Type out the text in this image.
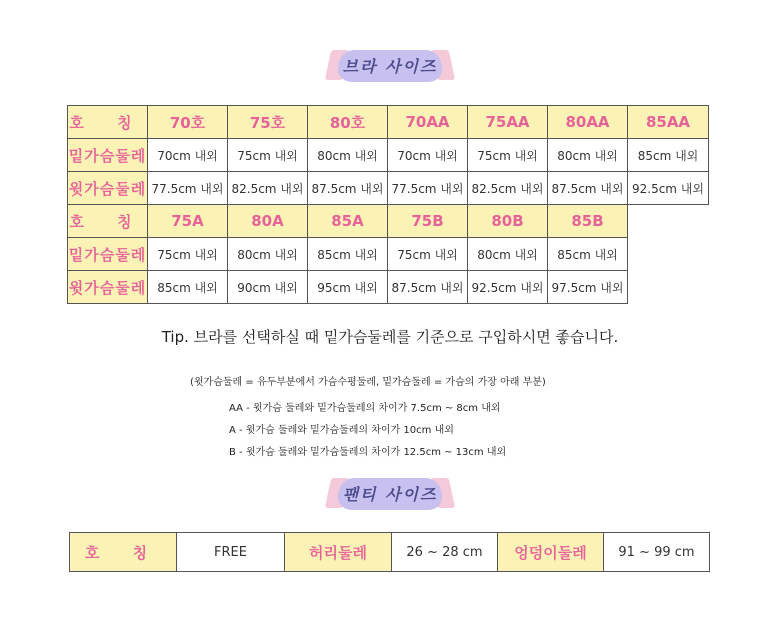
브라 사이즈
호 칭	70호	75호	80호	70AA	75AA	80AA	85AA
밑가슴둘레	70cm 내외	75cm 내외	80cm 내외	70cm 내외	75cm 내외	80cm 내외	85cm 내외
윗가슴둘레	77.5cm 내외	82.5cm 내외	87.5cm 내외	77.5cm 내외	82.5cm 내외	87.5cm 내외	92.5cm 내외
호 칭	75A	80A	85A	75B	80B	85B
밑가슴둘레	75cm 내외	80cm 내외	85cm 내외	75cm 내외	80cm 내외	85cm 내외
윗가슴둘레	85cm 내외	90cm 내외	95cm 내외	87.5cm 내외	92.5cm 내외	97.5cm 내외
Tip. 브라를 선택하실 때 밑가슴둘레를 기준으로 구입하시면 좋습니다.
(윗가슴둘레 = 유두부분에서 가슴수평둘레, 밑가슴둘레 = 가슴의 가장 아래 부분)
AA - 윗가슴 둘레와 밑가슴둘레의 차이가 7.5cm ~ 8cm 내외
A - 윗가슴 둘레와 밑가슴둘레의 차이가 10cm 내외
B - 윗가슴 둘레와 밑가슴둘레의 차이가 12.5cm ~ 13cm 내외
팬티 사이즈
호 칭	FREE	허리둘레	26 ~ 28 cm	엉덩이둘레	91 ~ 99 cm
